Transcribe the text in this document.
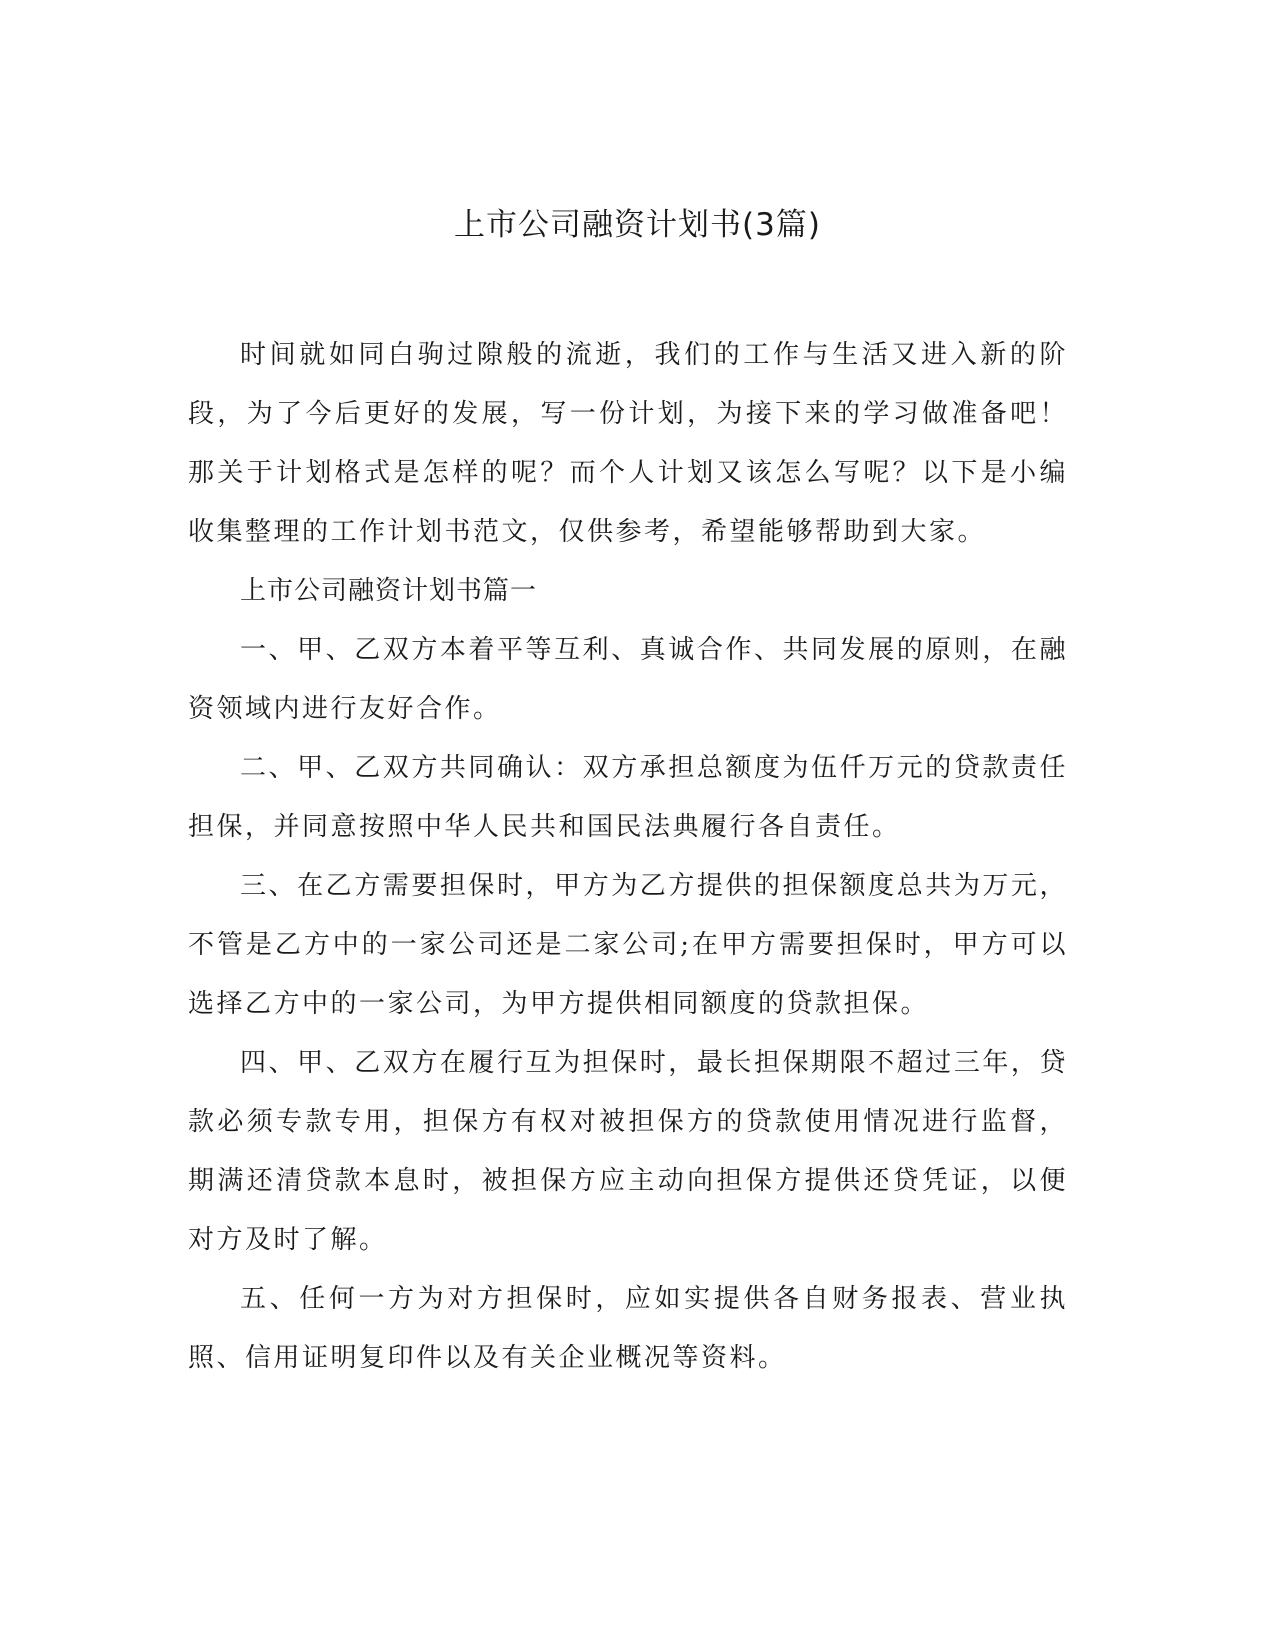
上市公司融资计划书(3篇)

时间就如同白驹过隙般的流逝，我们的工作与生活又进入新的阶段，为了今后更好的发展，写一份计划，为接下来的学习做准备吧！那关于计划格式是怎样的呢？而个人计划又该怎么写呢？以下是小编收集整理的工作计划书范文，仅供参考，希望能够帮助到大家。

上市公司融资计划书篇一

一、甲、乙双方本着平等互利、真诚合作、共同发展的原则，在融资领域内进行友好合作。

二、甲、乙双方共同确认：双方承担总额度为伍仟万元的贷款责任担保，并同意按照中华人民共和国民法典履行各自责任。

三、在乙方需要担保时，甲方为乙方提供的担保额度总共为万元，不管是乙方中的一家公司还是二家公司;在甲方需要担保时，甲方可以选择乙方中的一家公司，为甲方提供相同额度的贷款担保。

四、甲、乙双方在履行互为担保时，最长担保期限不超过三年，贷款必须专款专用，担保方有权对被担保方的贷款使用情况进行监督，期满还清贷款本息时，被担保方应主动向担保方提供还贷凭证，以便对方及时了解。

五、任何一方为对方担保时，应如实提供各自财务报表、营业执照、信用证明复印件以及有关企业概况等资料。
